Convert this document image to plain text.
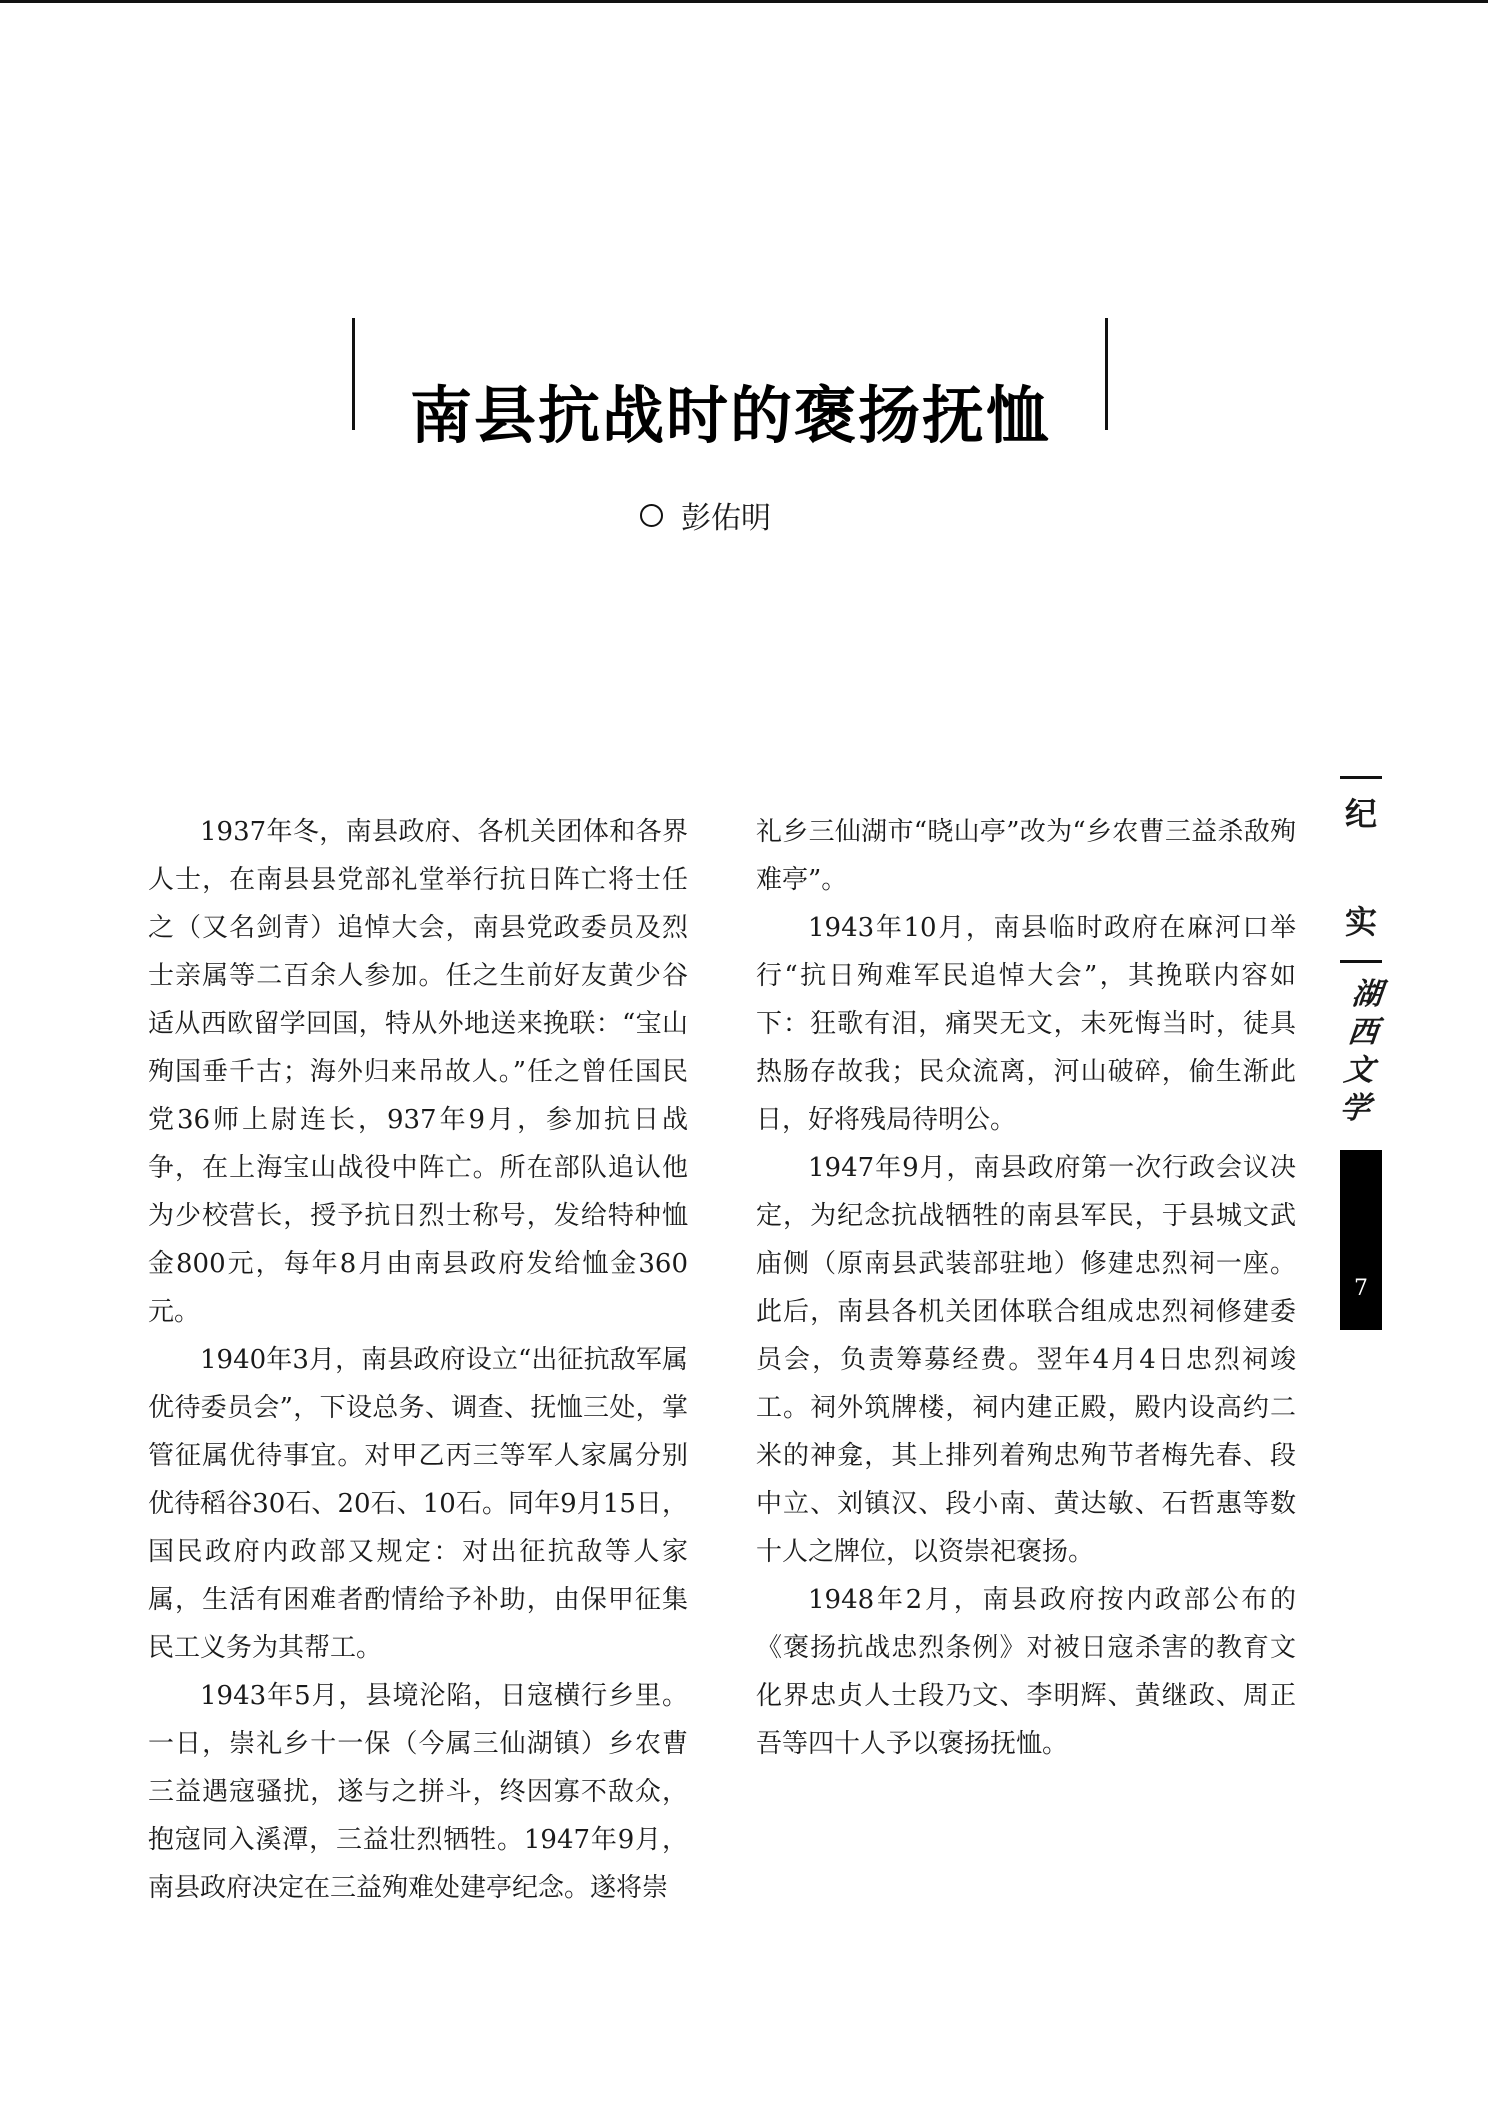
南县抗战时的褒扬抚恤
彭佑明

1937年冬，南县政府、各机关团体和各界人士，在南县县党部礼堂举行抗日阵亡将士任之（又名剑青）追悼大会，南县党政委员及烈士亲属等二百余人参加。任之生前好友黄少谷适从西欧留学回国，特从外地送来挽联：“宝山殉国垂千古；海外归来吊故人。”任之曾任国民党36师上尉连长，937年9月，参加抗日战争，在上海宝山战役中阵亡。所在部队追认他为少校营长，授予抗日烈士称号，发给特种恤金800元，每年8月由南县政府发给恤金360元。

1940年3月，南县政府设立“出征抗敌军属优待委员会”，下设总务、调查、抚恤三处，掌管征属优待事宜。对甲乙丙三等军人家属分别优待稻谷30石、20石、10石。同年9月15日，国民政府内政部又规定：对出征抗敌等人家属，生活有困难者酌情给予补助，由保甲征集民工义务为其帮工。

1943年5月，县境沦陷，日寇横行乡里。一日，崇礼乡十一保（今属三仙湖镇）乡农曹三益遇寇骚扰，遂与之拼斗，终因寡不敌众，抱寇同入溪潭，三益壮烈牺牲。1947年9月，南县政府决定在三益殉难处建亭纪念。遂将崇

礼乡三仙湖市“晓山亭”改为“乡农曹三益杀敌殉难亭”。

1943年10月，南县临时政府在麻河口举行“抗日殉难军民追悼大会”，其挽联内容如下：狂歌有泪，痛哭无文，未死悔当时，徒具热肠存故我；民众流离，河山破碎，偷生渐此日，好将残局待明公。

1947年9月，南县政府第一次行政会议决定，为纪念抗战牺牲的南县军民，于县城文武庙侧（原南县武装部驻地）修建忠烈祠一座。此后，南县各机关团体联合组成忠烈祠修建委员会，负责筹募经费。翌年4月4日忠烈祠竣工。祠外筑牌楼，祠内建正殿，殿内设高约二米的神龛，其上排列着殉忠殉节者梅先春、段中立、刘镇汉、段小南、黄达敏、石哲惠等数十人之牌位，以资崇祀褒扬。

1948年2月，南县政府按内政部公布的《褒扬抗战忠烈条例》对被日寇杀害的教育文化界忠贞人士段乃文、李明辉、黄继政、周正吾等四十人予以褒扬抚恤。

纪
实
湖
西
文
学
7
